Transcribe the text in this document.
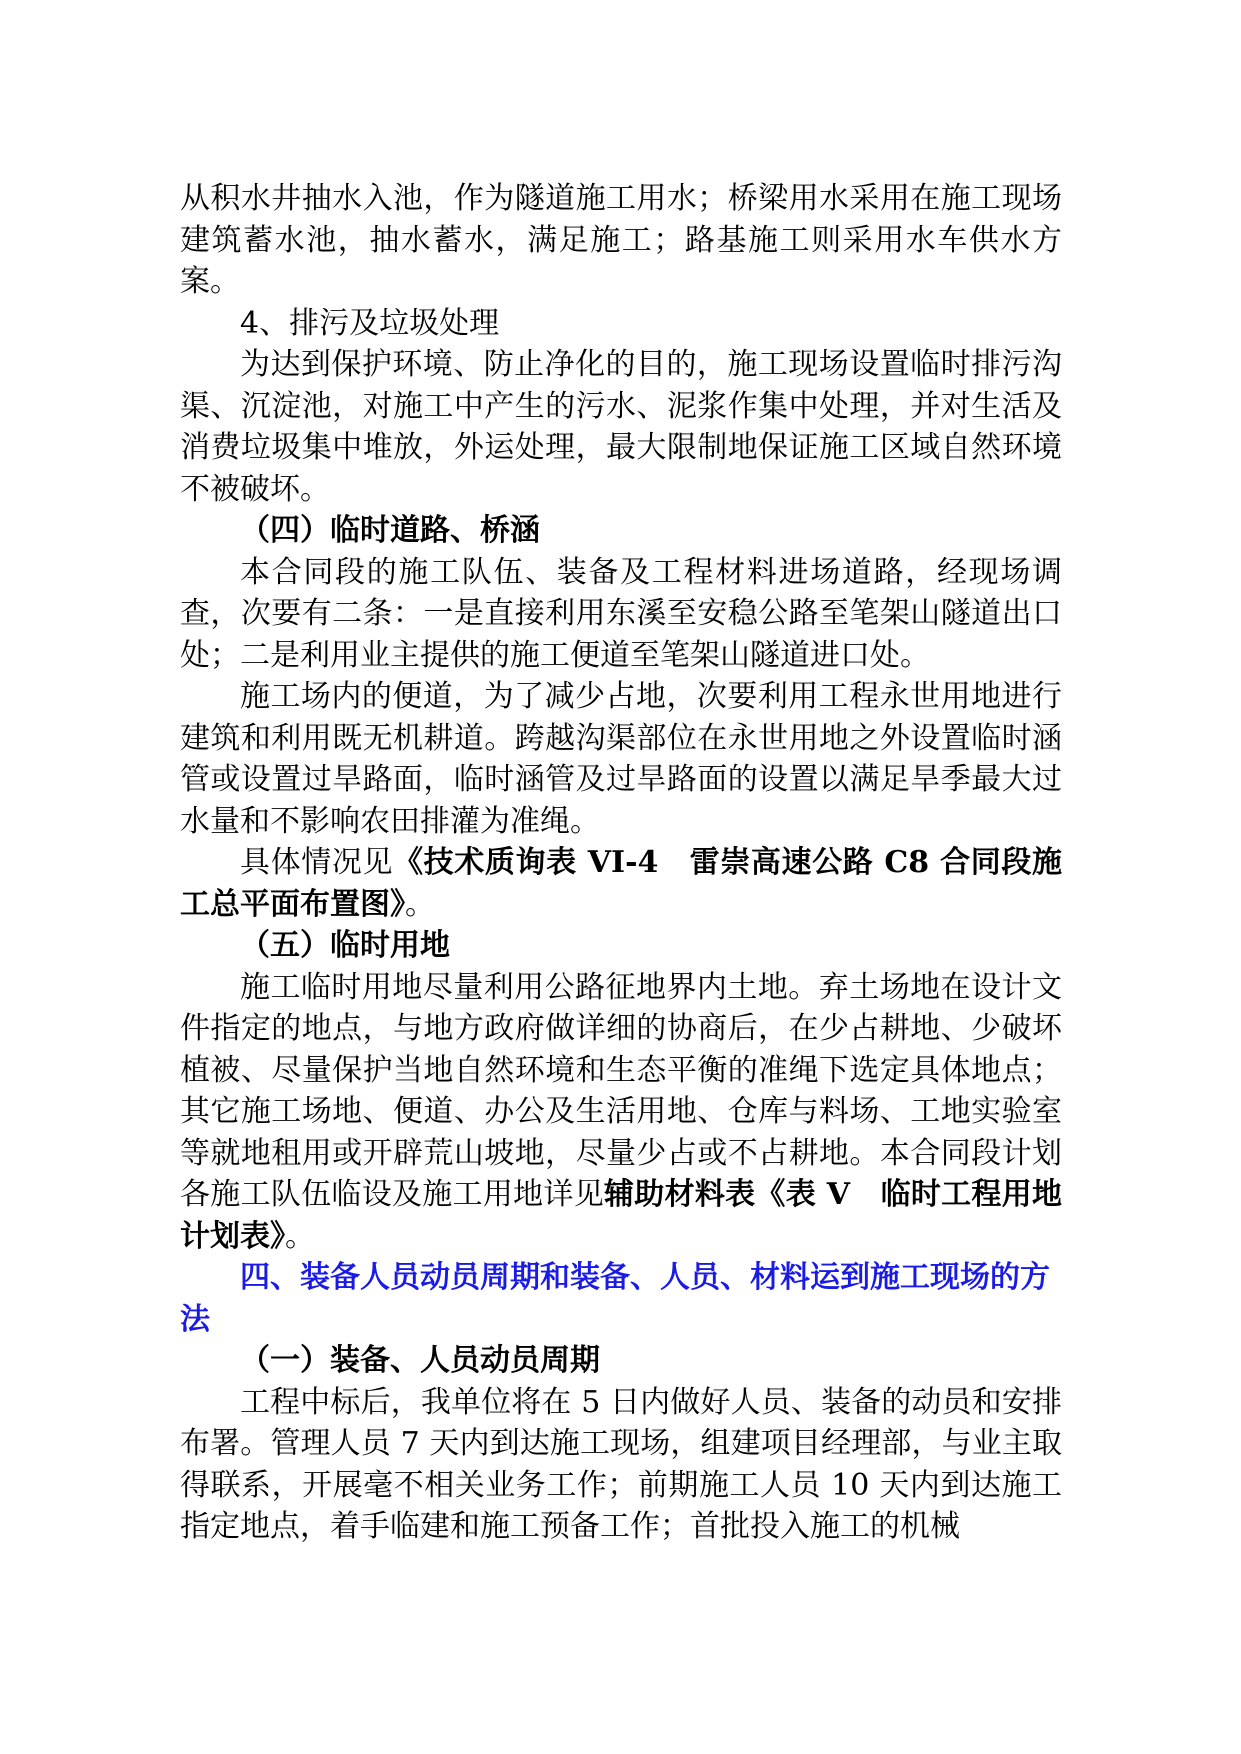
从积水井抽水入池，作为隧道施工用水；桥梁用水采用在施工现场建筑蓄水池，抽水蓄水，满足施工；路基施工则采用水车供水方案。

4、排污及垃圾处理

为达到保护环境、防止净化的目的，施工现场设置临时排污沟渠、沉淀池，对施工中产生的污水、泥浆作集中处理，并对生活及消费垃圾集中堆放，外运处理，最大限制地保证施工区域自然环境不被破坏。

（四）临时道路、桥涵

本合同段的施工队伍、装备及工程材料进场道路，经现场调查，次要有二条：一是直接利用东溪至安稳公路至笔架山隧道出口处；二是利用业主提供的施工便道至笔架山隧道进口处。

施工场内的便道，为了减少占地，次要利用工程永世用地进行建筑和利用既无机耕道。跨越沟渠部位在永世用地之外设置临时涵管或设置过旱路面，临时涵管及过旱路面的设置以满足旱季最大过水量和不影响农田排灌为准绳。

具体情况见《技术质询表 VI-4　雷崇高速公路 C8 合同段施工总平面布置图》。

（五）临时用地

施工临时用地尽量利用公路征地界内土地。弃土场地在设计文件指定的地点，与地方政府做详细的协商后，在少占耕地、少破坏植被、尽量保护当地自然环境和生态平衡的准绳下选定具体地点；其它施工场地、便道、办公及生活用地、仓库与料场、工地实验室等就地租用或开辟荒山坡地，尽量少占或不占耕地。本合同段计划各施工队伍临设及施工用地详见辅助材料表《表 V　临时工程用地计划表》。

四、装备人员动员周期和装备、人员、材料运到施工现场的方法

（一）装备、人员动员周期

工程中标后，我单位将在 5 日内做好人员、装备的动员和安排布署。管理人员 7 天内到达施工现场，组建项目经理部，与业主取得联系，开展毫不相关业务工作；前期施工人员 10 天内到达施工指定地点，着手临建和施工预备工作；首批投入施工的机械
